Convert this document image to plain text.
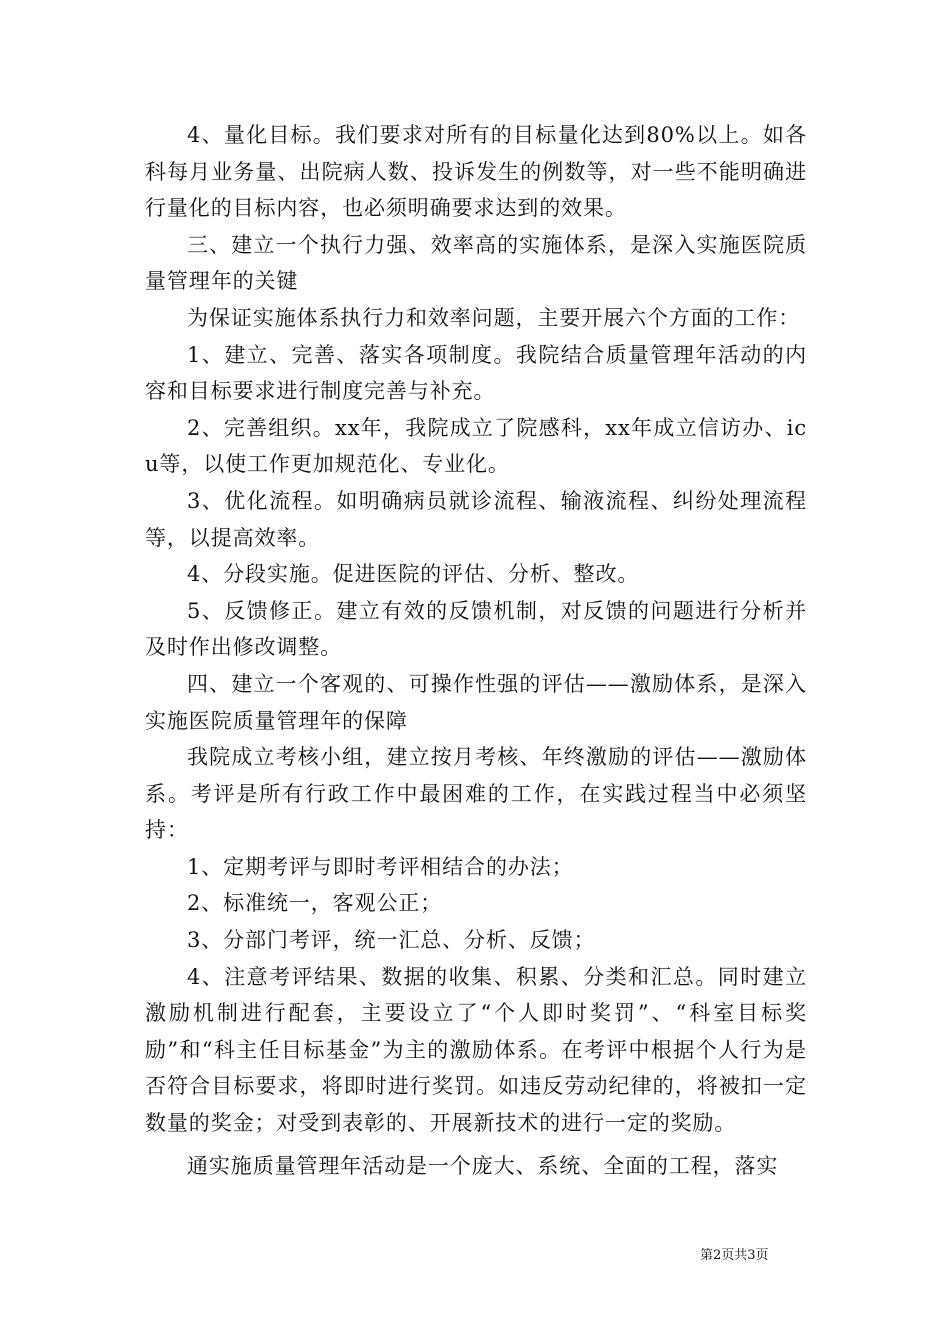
4、量化目标。我们要求对所有的目标量化达到80%以上。如各科每月业务量、出院病人数、投诉发生的例数等，对一些不能明确进行量化的目标内容，也必须明确要求达到的效果。

三、建立一个执行力强、效率高的实施体系，是深入实施医院质量管理年的关键

为保证实施体系执行力和效率问题，主要开展六个方面的工作：

1、建立、完善、落实各项制度。我院结合质量管理年活动的内容和目标要求进行制度完善与补充。

2、完善组织。xx年，我院成立了院感科，xx年成立信访办、icu等，以使工作更加规范化、专业化。

3、优化流程。如明确病员就诊流程、输液流程、纠纷处理流程等，以提高效率。

4、分段实施。促进医院的评估、分析、整改。

5、反馈修正。建立有效的反馈机制，对反馈的问题进行分析并及时作出修改调整。

四、建立一个客观的、可操作性强的评估——激励体系，是深入实施医院质量管理年的保障

我院成立考核小组，建立按月考核、年终激励的评估——激励体系。考评是所有行政工作中最困难的工作，在实践过程当中必须坚持：

1、定期考评与即时考评相结合的办法；

2、标准统一，客观公正；

3、分部门考评，统一汇总、分析、反馈；

4、注意考评结果、数据的收集、积累、分类和汇总。同时建立激励机制进行配套，主要设立了“个人即时奖罚”、“科室目标奖励”和“科主任目标基金”为主的激励体系。在考评中根据个人行为是否符合目标要求，将即时进行奖罚。如违反劳动纪律的，将被扣一定数量的奖金；对受到表彰的、开展新技术的进行一定的奖励。

通实施质量管理年活动是一个庞大、系统、全面的工程，落实

第2页共3页
